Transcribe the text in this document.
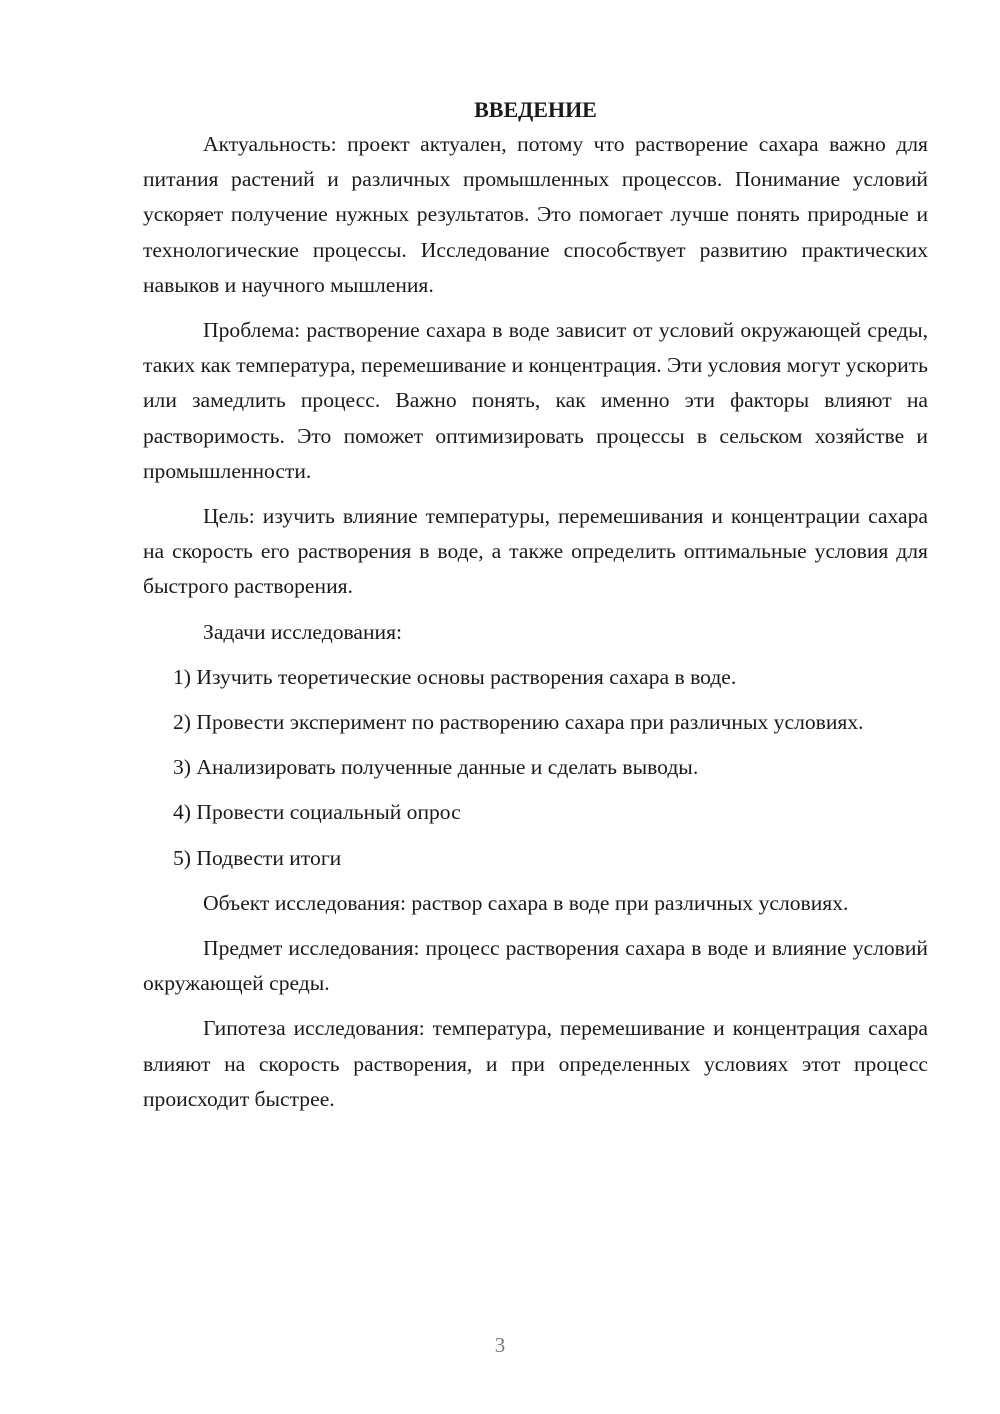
ВВЕДЕНИЕ

Актуальность: проект актуален, потому что растворение сахара важно для питания растений и различных промышленных процессов. Понимание условий ускоряет получение нужных результатов. Это помогает лучше понять природные и технологические процессы. Исследование способствует развитию практических навыков и научного мышления.

Проблема: растворение сахара в воде зависит от условий окружающей среды, таких как температура, перемешивание и концентрация. Эти условия могут ускорить или замедлить процесс. Важно понять, как именно эти факторы влияют на растворимость. Это поможет оптимизировать процессы в сельском хозяйстве и промышленности.

Цель: изучить влияние температуры, перемешивания и концентрации сахара на скорость его растворения в воде, а также определить оптимальные условия для быстрого растворения.

Задачи исследования:

1) Изучить теоретические основы растворения сахара в воде.

2) Провести эксперимент по растворению сахара при различных условиях.

3) Анализировать полученные данные и сделать выводы.

4) Провести социальный опрос

5) Подвести итоги

Объект исследования: раствор сахара в воде при различных условиях.

Предмет исследования: процесс растворения сахара в воде и влияние условий окружающей среды.

Гипотеза исследования: температура, перемешивание и концентрация сахара влияют на скорость растворения, и при определенных условиях этот процесс происходит быстрее.

3
